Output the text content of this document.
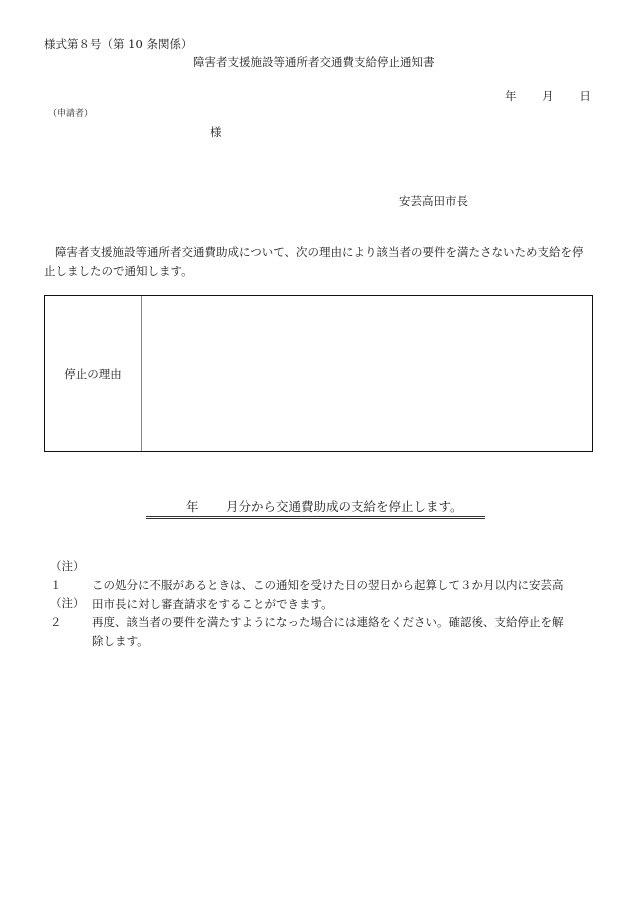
様式第８号（第 10 条関係）
障害者支援施設等通所者交通費支給停止通知書
年 月 日
（申請者）
様
安芸高田市長
障害者支援施設等通所者交通費助成について、次の理由により該当者の要件を満たさないため支給を停止しましたので通知します。
停止の理由
年 月分から交通費助成の支給を停止します。
（注）１	この処分に不服があるときは、この通知を受けた日の翌日から起算して３か月以内に安芸高
田市長に対し審査請求をすることができます。
（注）２	再度、該当者の要件を満たすようになった場合には連絡をください。確認後、支給停止を解
除します。
